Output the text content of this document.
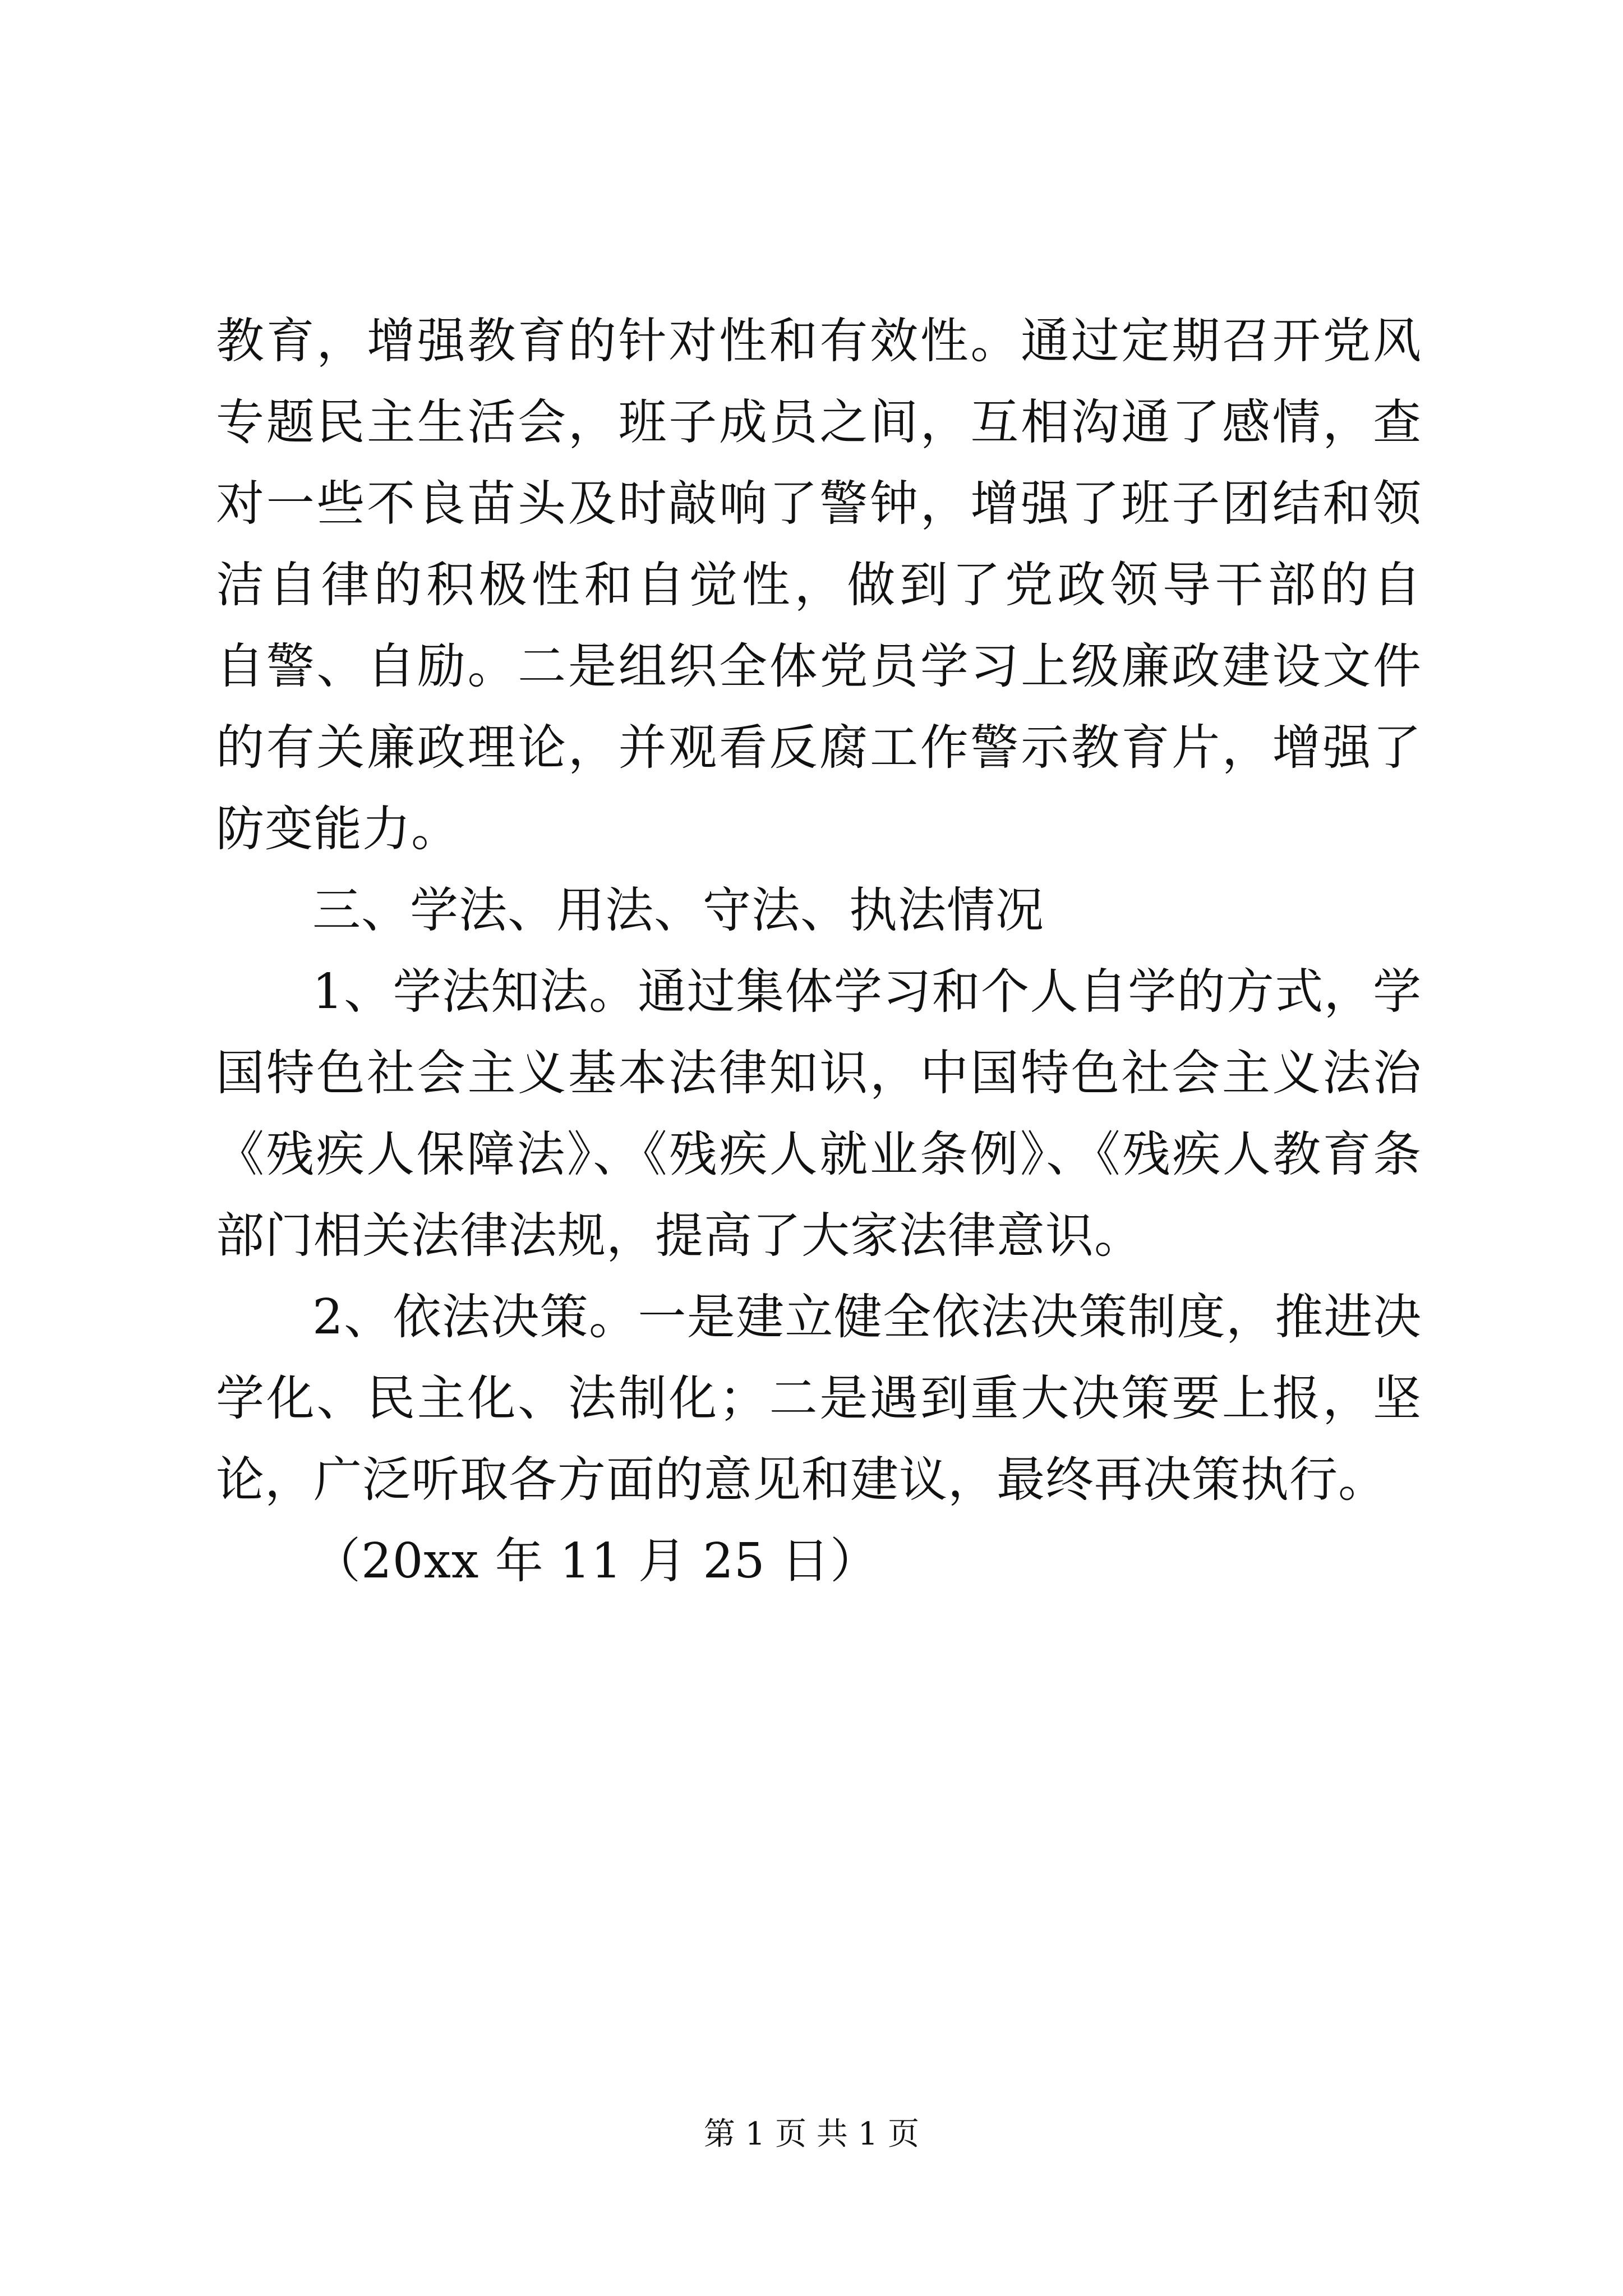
教育，增强教育的针对性和有效性。通过定期召开党风
专题民主生活会，班子成员之间，互相沟通了感情，查
对一些不良苗头及时敲响了警钟，增强了班子团结和领
洁自律的积极性和自觉性，做到了党政领导干部的自
自警、自励。二是组织全体党员学习上级廉政建设文件
的有关廉政理论，并观看反腐工作警示教育片，增强了
防变能力。
三、学法、用法、守法、执法情况
1、学法知法。通过集体学习和个人自学的方式，学
国特色社会主义基本法律知识，中国特色社会主义法治
《残疾人保障法》、《残疾人就业条例》、《残疾人教育条
部门相关法律法规，提高了大家法律意识。
2、依法决策。一是建立健全依法决策制度，推进决
学化、民主化、法制化；二是遇到重大决策要上报，坚
论，广泛听取各方面的意见和建议，最终再决策执行。
（20xx 年 11 月 25 日）
第 1 页 共 1 页
